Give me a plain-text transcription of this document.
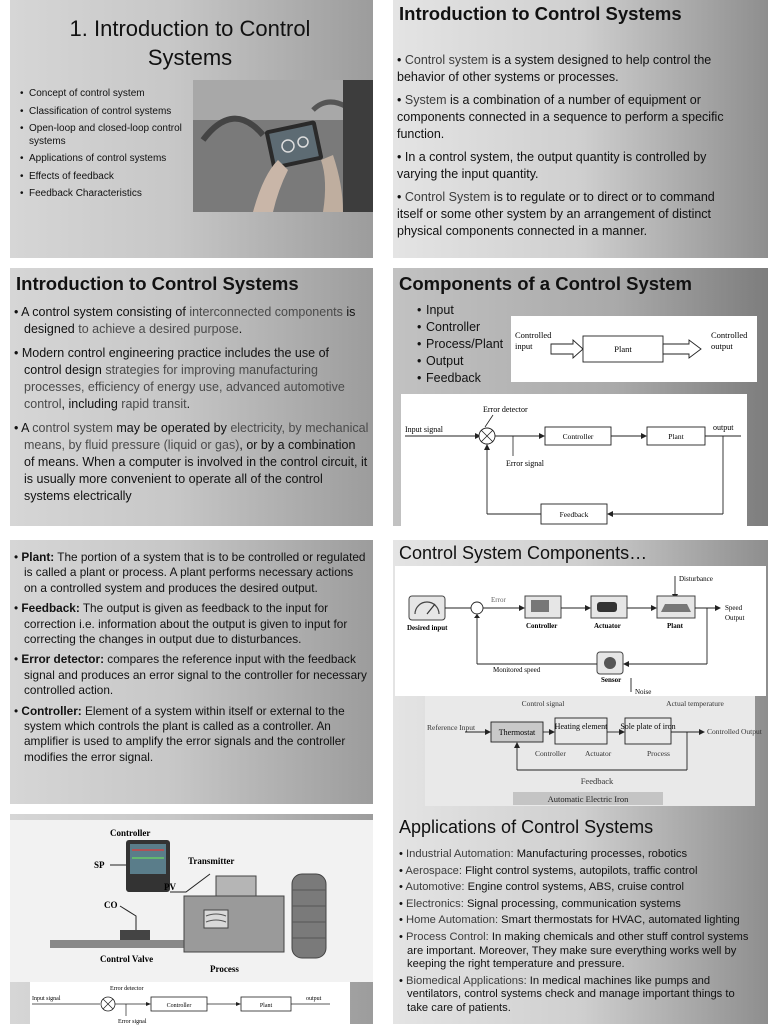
1. Introduction to Control Systems
• Concept of control system
• Classification of control systems
• Open-loop and closed-loop control systems
• Applications of control systems
• Effects of feedback
• Feedback Characteristics
Introduction to Control Systems

• Control system is a system designed to help control the behavior of other systems or processes.

• System is a combination of a number of equipment or components connected in a sequence to perform a specific function.

• In a control system, the output quantity is controlled by varying the input quantity.

• Control System is to regulate or to direct or to command itself or some other system by an arrangement of distinct physical components connected in a manner.

Introduction to Control Systems

• A control system consisting of interconnected components is designed to achieve a desired purpose.

• Modern control engineering practice includes the use of control design strategies for improving manufacturing processes, efficiency of energy use, advanced automotive control, including rapid transit.

• A control system may be operated by electricity, by mechanical means, by fluid pressure (liquid or gas), or by a combination of means. When a computer is involved in the control circuit, it is usually more convenient to operate all of the control systems electrically

Components of a Control System
• Input
• Controller
• Process/Plant
• Output
• Feedback
Controlled
input	Plant
Controlled
output
Error detector
Input signal
Error signal
Controller	Plant
output
Feedback

• Plant: The portion of a system that is to be controlled or regulated is called a plant or process. A plant performs necessary actions on a controlled system and produces the desired output.

• Feedback: The output is given as feedback to the input for correction i.e. information about the output is given to input for correcting the changes in output due to disturbances.

• Error detector: compares the reference input with the feedback signal and produces an error signal to the controller for necessary controlled action.

• Controller: Element of a system within itself or external to the system which controls the plant is called as a controller. An amplifier is used to amplify the error signals and the controller modifies the error signal.

Control System Components…
Disturbance
Desired input
Error
Controller	Actuator	Plant
Speed
Output
Sensor
Noise
Monitored speed
Control signal	Actual temperature
Reference Input
Thermostat
Heating element Sole plate of iron
Controlled Output
Controller	Actuator	Process
Feedback
Automatic Electric Iron
Controller
SP	Transmitter
PV
CO
Control Valve
Process
Error detector
Input signal
Controller	Plant
output
Error signal
Applications of Control Systems

• Industrial Automation: Manufacturing processes, robotics

• Aerospace: Flight control systems, autopilots, traffic control

• Automotive: Engine control systems, ABS, cruise control

• Electronics: Signal processing, communication systems

• Home Automation: Smart thermostats for HVAC, automated lighting

• Process Control: In making chemicals and other stuff control systems are important. Moreover, They make sure everything works well by keeping the right temperature and pressure.

• Biomedical Applications: In medical machines like pumps and ventilators, control systems check and manage important things to take care of patients.
